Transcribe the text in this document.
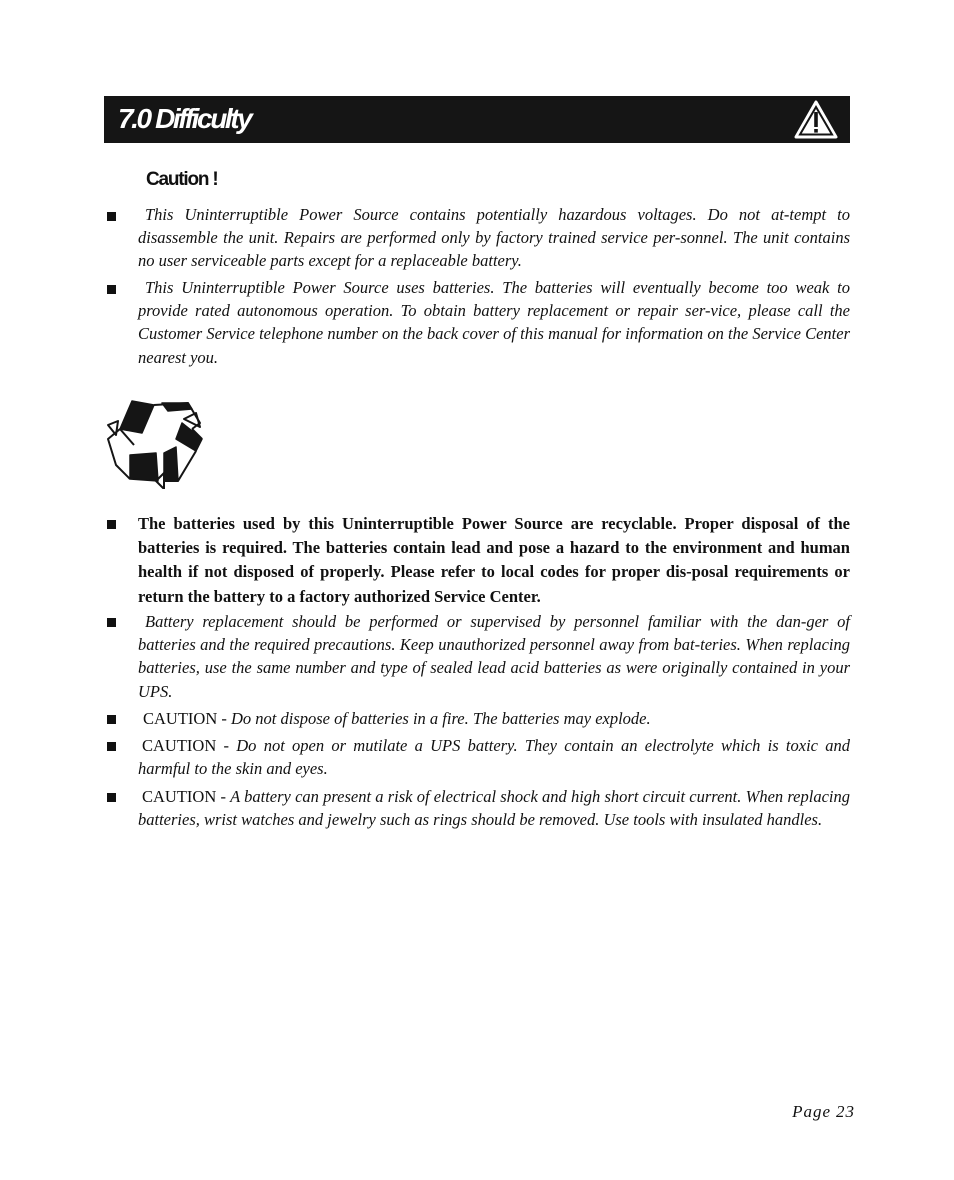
7.0 Difficulty
Caution !
This Uninterruptible Power Source contains potentially hazardous voltages. Do not at-tempt to disassemble the unit. Repairs are performed only by factory trained service per-sonnel. The unit contains no user serviceable parts except for a replaceable battery.
This Uninterruptible Power Source uses batteries. The batteries will eventually become too weak to provide rated autonomous operation. To obtain battery replacement or repair ser-vice, please call the Customer Service telephone number on the back cover of this manual for information on the Service Center nearest you.
The batteries used by this Uninterruptible Power Source are recyclable. Proper disposal of the batteries is required. The batteries contain lead and pose a hazard to the environment and human health if not disposed of properly. Please refer to local codes for proper dis-posal requirements or return the battery to a factory authorized Service Center.
Battery replacement should be performed or supervised by personnel familiar with the dan-ger of batteries and the required precautions. Keep unauthorized personnel away from bat-teries. When replacing batteries, use the same number and type of sealed lead acid batteries as were originally contained in your UPS.
CAUTION - Do not dispose of batteries in a fire. The batteries may explode.
CAUTION - Do not open or mutilate a UPS battery. They contain an electrolyte which is toxic and harmful to the skin and eyes.
CAUTION - A battery can present a risk of electrical shock and high short circuit current. When replacing batteries, wrist watches and jewelry such as rings should be removed. Use tools with insulated handles.
Page 23
